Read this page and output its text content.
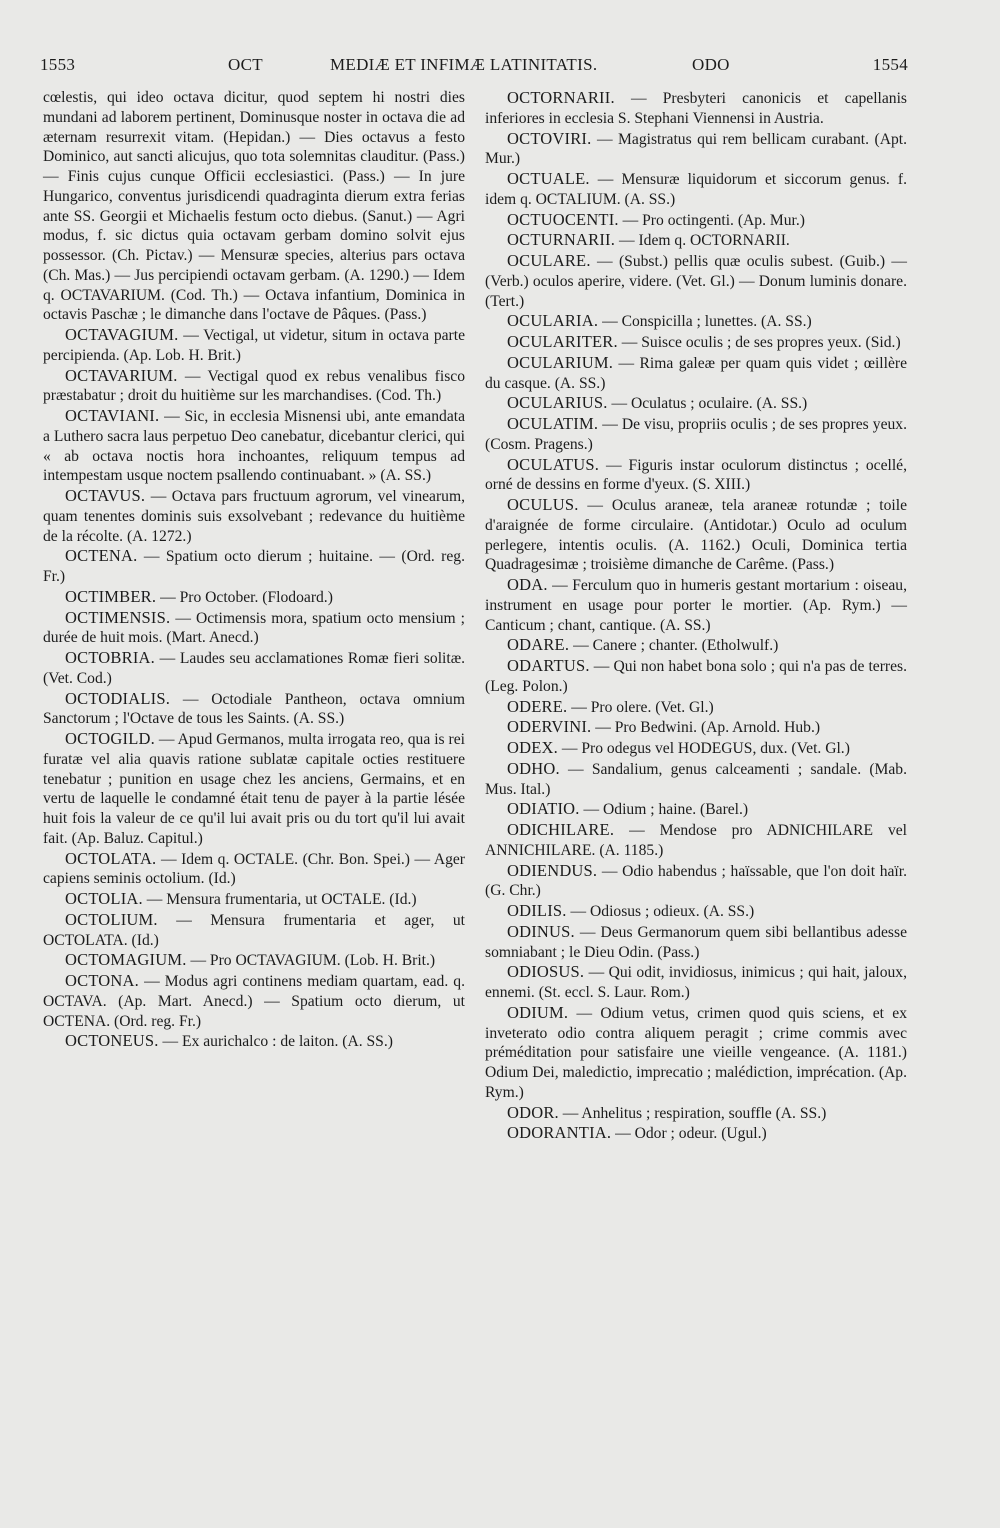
1553	OCT	MEDIÆ ET INFIMÆ LATINITATIS.	ODO	1554

cœlestis, qui ideo octava dicitur, quod septem hi nostri dies mundani ad laborem pertinent, Dominusque noster in octava die ad æternam resurrexit vitam. (Hepidan.) — Dies octavus a festo Dominico, aut sancti alicujus, quo tota solemnitas clauditur. (Pass.) — Finis cujus cunque Officii ecclesiastici. (Pass.) — In jure Hungarico, conventus jurisdicendi quadraginta dierum extra ferias ante SS. Georgii et Michaelis festum octo diebus. (Sanut.) — Agri modus, f. sic dictus quia octavam gerbam domino solvit ejus possessor. (Ch. Pictav.) — Mensuræ species, alterius pars octava (Ch. Mas.) — Jus percipiendi octavam gerbam. (A. 1290.) — Idem q. OCTAVARIUM. (Cod. Th.) — Octava infantium, Dominica in octavis Paschæ ; le dimanche dans l'octave de Pâques. (Pass.)

OCTAVAGIUM. — Vectigal, ut videtur, situm in octava parte percipienda. (Ap. Lob. H. Brit.)

OCTAVARIUM. — Vectigal quod ex rebus venalibus fisco præstabatur ; droit du huitième sur les marchandises. (Cod. Th.)

OCTAVIANI. — Sic, in ecclesia Misnensi ubi, ante emandata a Luthero sacra laus perpetuo Deo canebatur, dicebantur clerici, qui « ab octava noctis hora inchoantes, reliquum tempus ad intempestam usque noctem psallendo continuabant. » (A. SS.)

OCTAVUS. — Octava pars fructuum agrorum, vel vinearum, quam tenentes dominis suis exsolvebant ; redevance du huitième de la récolte. (A. 1272.)

OCTENA. — Spatium octo dierum ; huitaine. — (Ord. reg. Fr.)

OCTIMBER. — Pro October. (Flodoard.)

OCTIMENSIS. — Octimensis mora, spatium octo mensium ; durée de huit mois. (Mart. Anecd.)

OCTOBRIA. — Laudes seu acclamationes Romæ fieri solitæ. (Vet. Cod.)

OCTODIALIS. — Octodiale Pantheon, octava omnium Sanctorum ; l'Octave de tous les Saints. (A. SS.)

OCTOGILD. — Apud Germanos, multa irrogata reo, qua is rei furatæ vel alia quavis ratione sublatæ capitale octies restituere tenebatur ; punition en usage chez les anciens, Germains, et en vertu de laquelle le condamné était tenu de payer à la partie lésée huit fois la valeur de ce qu'il lui avait pris ou du tort qu'il lui avait fait. (Ap. Baluz. Capitul.)

OCTOLATA. — Idem q. OCTALE. (Chr. Bon. Spei.) — Ager capiens seminis octolium. (Id.)

OCTOLIA. — Mensura frumentaria, ut OCTALE. (Id.)

OCTOLIUM. — Mensura frumentaria et ager, ut OCTOLATA. (Id.)

OCTOMAGIUM. — Pro OCTAVAGIUM. (Lob. H. Brit.)

OCTONA. — Modus agri continens mediam quartam, ead. q. OCTAVA. (Ap. Mart. Anecd.) — Spatium octo dierum, ut OCTENA. (Ord. reg. Fr.)

OCTONEUS. — Ex aurichalco : de laiton. (A. SS.)

OCTORNARII. — Presbyteri canonicis et capellanis inferiores in ecclesia S. Stephani Viennensi in Austria.

OCTOVIRI. — Magistratus qui rem bellicam curabant. (Apt. Mur.)

OCTUALE. — Mensuræ liquidorum et siccorum genus. f. idem q. OCTALIUM. (A. SS.)

OCTUOCENTI. — Pro octingenti. (Ap. Mur.)

OCTURNARII. — Idem q. OCTORNARII.

OCULARE. — (Subst.) pellis quæ oculis subest. (Guib.) — (Verb.) oculos aperire, videre. (Vet. Gl.) — Donum luminis donare. (Tert.)

OCULARIA. — Conspicilla ; lunettes. (A. SS.)

OCULARITER. — Suisce oculis ; de ses propres yeux. (Sid.)

OCULARIUM. — Rima galeæ per quam quis videt ; œillère du casque. (A. SS.)

OCULARIUS. — Oculatus ; oculaire. (A. SS.)

OCULATIM. — De visu, propriis oculis ; de ses propres yeux. (Cosm. Pragens.)

OCULATUS. — Figuris instar oculorum distinctus ; ocellé, orné de dessins en forme d'yeux. (S. XIII.)

OCULUS. — Oculus araneæ, tela araneæ rotundæ ; toile d'araignée de forme circulaire. (Antidotar.) Oculo ad oculum perlegere, intentis oculis. (A. 1162.) Oculi, Dominica tertia Quadragesimæ ; troisième dimanche de Carême. (Pass.)

ODA. — Ferculum quo in humeris gestant mortarium : oiseau, instrument en usage pour porter le mortier. (Ap. Rym.) — Canticum ; chant, cantique. (A. SS.)

ODARE. — Canere ; chanter. (Etholwulf.)

ODARTUS. — Qui non habet bona solo ; qui n'a pas de terres. (Leg. Polon.)

ODERE. — Pro olere. (Vet. Gl.)

ODERVINI. — Pro Bedwini. (Ap. Arnold. Hub.)

ODEX. — Pro odegus vel HODEGUS, dux. (Vet. Gl.)

ODHO. — Sandalium, genus calceamenti ; sandale. (Mab. Mus. Ital.)

ODIATIO. — Odium ; haine. (Barel.)

ODICHILARE. — Mendose pro ADNICHILARE vel ANNICHILARE. (A. 1185.)

ODIENDUS. — Odio habendus ; haïssable, que l'on doit haïr. (G. Chr.)

ODILIS. — Odiosus ; odieux. (A. SS.)

ODINUS. — Deus Germanorum quem sibi bellantibus adesse somniabant ; le Dieu Odin. (Pass.)

ODIOSUS. — Qui odit, invidiosus, inimicus ; qui hait, jaloux, ennemi. (St. eccl. S. Laur. Rom.)

ODIUM. — Odium vetus, crimen quod quis sciens, et ex inveterato odio contra aliquem peragit ; crime commis avec préméditation pour satisfaire une vieille vengeance. (A. 1181.) Odium Dei, maledictio, imprecatio ; malédiction, imprécation. (Ap. Rym.)

ODOR. — Anhelitus ; respiration, souffle (A. SS.)

ODORANTIA. — Odor ; odeur. (Ugul.)
